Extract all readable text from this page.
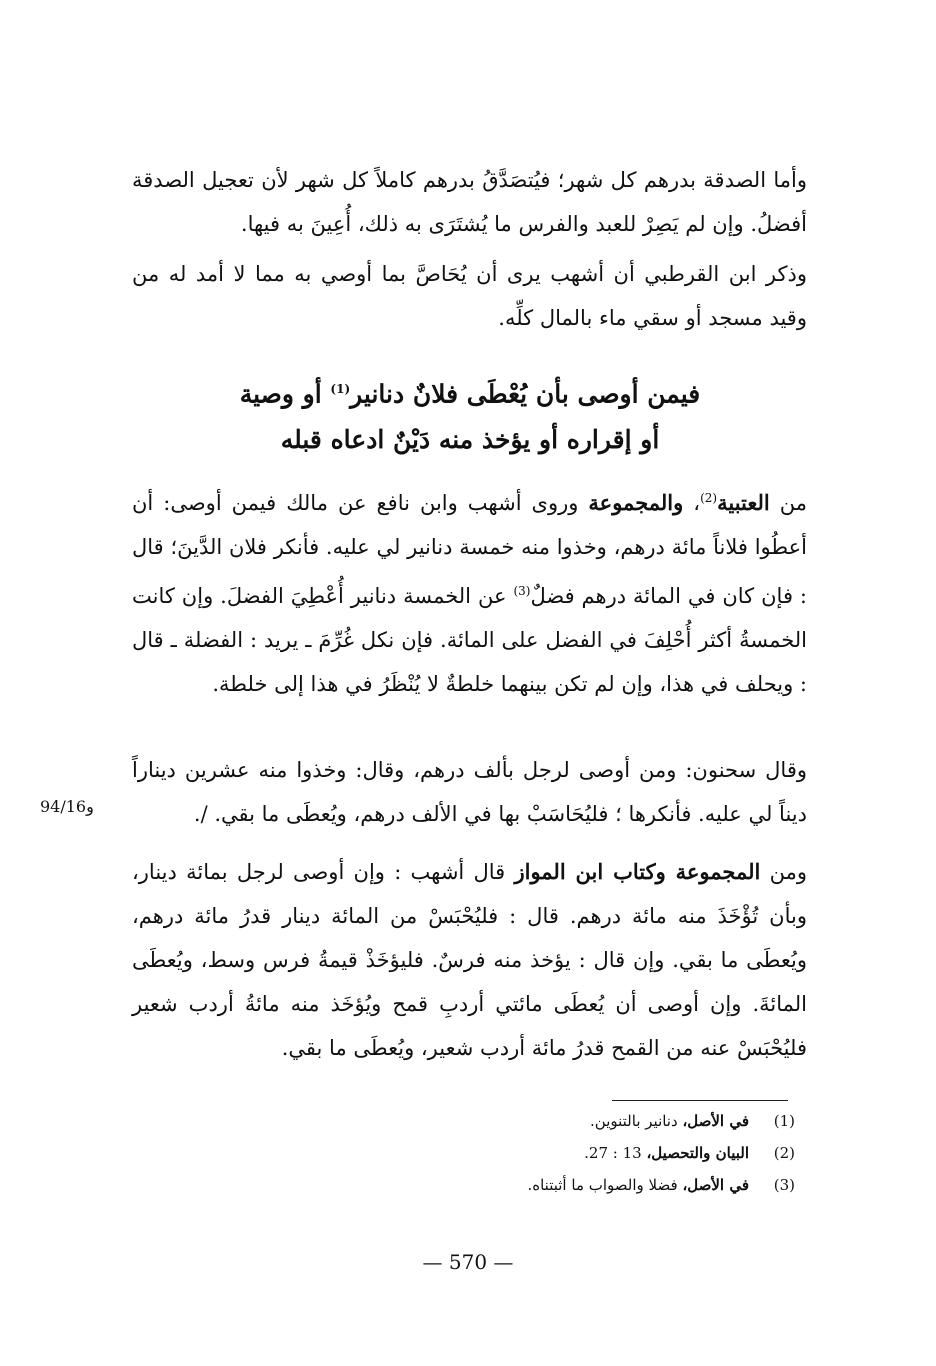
وأما الصدقة بدرهم كل شهر؛ فيُتصَدَّقُ بدرهم كاملاً كل شهر لأن تعجيل الصدقة أفضلُ. وإن لم يَصِرْ للعبد والفرس ما يُشتَرَى به ذلك، أُعِينَ به فيها.

وذكر ابن القرطبي أن أشهب يرى أن يُحَاصَّ بما أوصي به مما لا أمد له من وقيد مسجد أو سقي ماء بالمال كلِّه.

فيمن أوصى بأن يُعْطَى فلانٌ دنانير$^{(1)}$ أو وصية
أو إقراره أو يؤخذ منه دَيْنٌ ادعاه قبله

من العتبية$^{(2)}$، والمجموعة وروى أشهب وابن نافع عن مالك فيمن أوصى: أن أعطُوا فلاناً مائة درهم، وخذوا منه خمسة دنانير لي عليه. فأنكر فلان الدَّينَ؛ قال : فإن كان في المائة درهم فضلٌ$^{(3)}$ عن الخمسة دنانير أُعْطِيَ الفضلَ. وإن كانت الخمسةُ أكثر أُحْلِفَ في الفضل على المائة. فإن نكل غُرِّمَ ـ يريد : الفضلة ـ قال : ويحلف في هذا، وإن لم تكن بينهما خلطةٌ لا يُنْظَرُ في هذا إلى خلطة.

وقال سحنون: ومن أوصى لرجل بألف درهم، وقال: وخذوا منه عشرين ديناراً ديناً لي عليه. فأنكرها ؛ فليُحَاسَبْ بها في الألف درهم، ويُعطَى ما بقي. /.

94/16و

ومن المجموعة وكتاب ابن المواز قال أشهب : وإن أوصى لرجل بمائة دينار، وبأن تُؤْخَذَ منه مائة درهم. قال : فليُحْبَسْ من المائة دينار قدرُ مائة درهم، ويُعطَى ما بقي. وإن قال : يؤخذ منه فرسٌ. فليؤخَذْ قيمةُ فرس وسط، ويُعطَى المائةَ. وإن أوصى أن يُعطَى مائتي أردبِ قمح ويُؤخَذ منه مائةُ أردب شعير فليُحْبَسْ عنه من القمح قدرُ مائة أردب شعير، ويُعطَى ما بقي.

(1)
في الأصل، دنانير بالتنوين.
(2)
البيان والتحصيل، 13 : 27.
(3)
في الأصل، فضلا والصواب ما أثبتناه.
— 570 —
